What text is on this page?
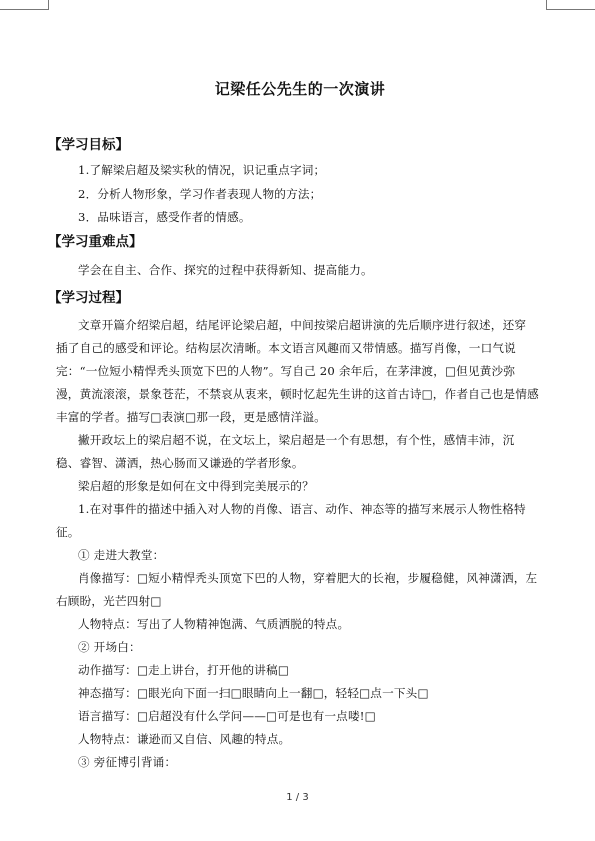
记梁任公先生的一次演讲
【学习目标】
1.了解梁启超及梁实秋的情况，识记重点字词；
2．分析人物形象，学习作者表现人物的方法；
3．品味语言，感受作者的情感。
【学习重难点】
学会在自主、合作、探究的过程中获得新知、提高能力。
【学习过程】
文章开篇介绍梁启超，结尾评论梁启超，中间按梁启超讲演的先后顺序进行叙述，还穿
插了自己的感受和评论。结构层次清晰。本文语言风趣而又带情感。描写肖像，一口气说
完：“一位短小精悍秃头顶宽下巴的人物”。写自己 20 余年后，在茅津渡，□但见黄沙弥
漫，黄流滚滚，景象苍茫，不禁哀从衷来，顿时忆起先生讲的这首古诗□，作者自己也是情感
丰富的学者。描写□表演□那一段，更是感情洋溢。
撇开政坛上的梁启超不说，在文坛上，梁启超是一个有思想，有个性，感情丰沛，沉
稳、睿智、潇洒，热心肠而又谦逊的学者形象。
梁启超的形象是如何在文中得到完美展示的？
1.在对事件的描述中插入对人物的肖像、语言、动作、神态等的描写来展示人物性格特
征。
① 走进大教堂：
肖像描写：□短小精悍秃头顶宽下巴的人物，穿着肥大的长袍，步履稳健，风神潇洒，左
右顾盼，光芒四射□
人物特点：写出了人物精神饱满、气质洒脱的特点。
② 开场白：
动作描写：□走上讲台，打开他的讲稿□
神态描写：□眼光向下面一扫□眼睛向上一翻□，轻轻□点一下头□
语言描写：□启超没有什么学问——□可是也有一点喽!□
人物特点：谦逊而又自信、风趣的特点。
③ 旁征博引背诵：
1 / 3
